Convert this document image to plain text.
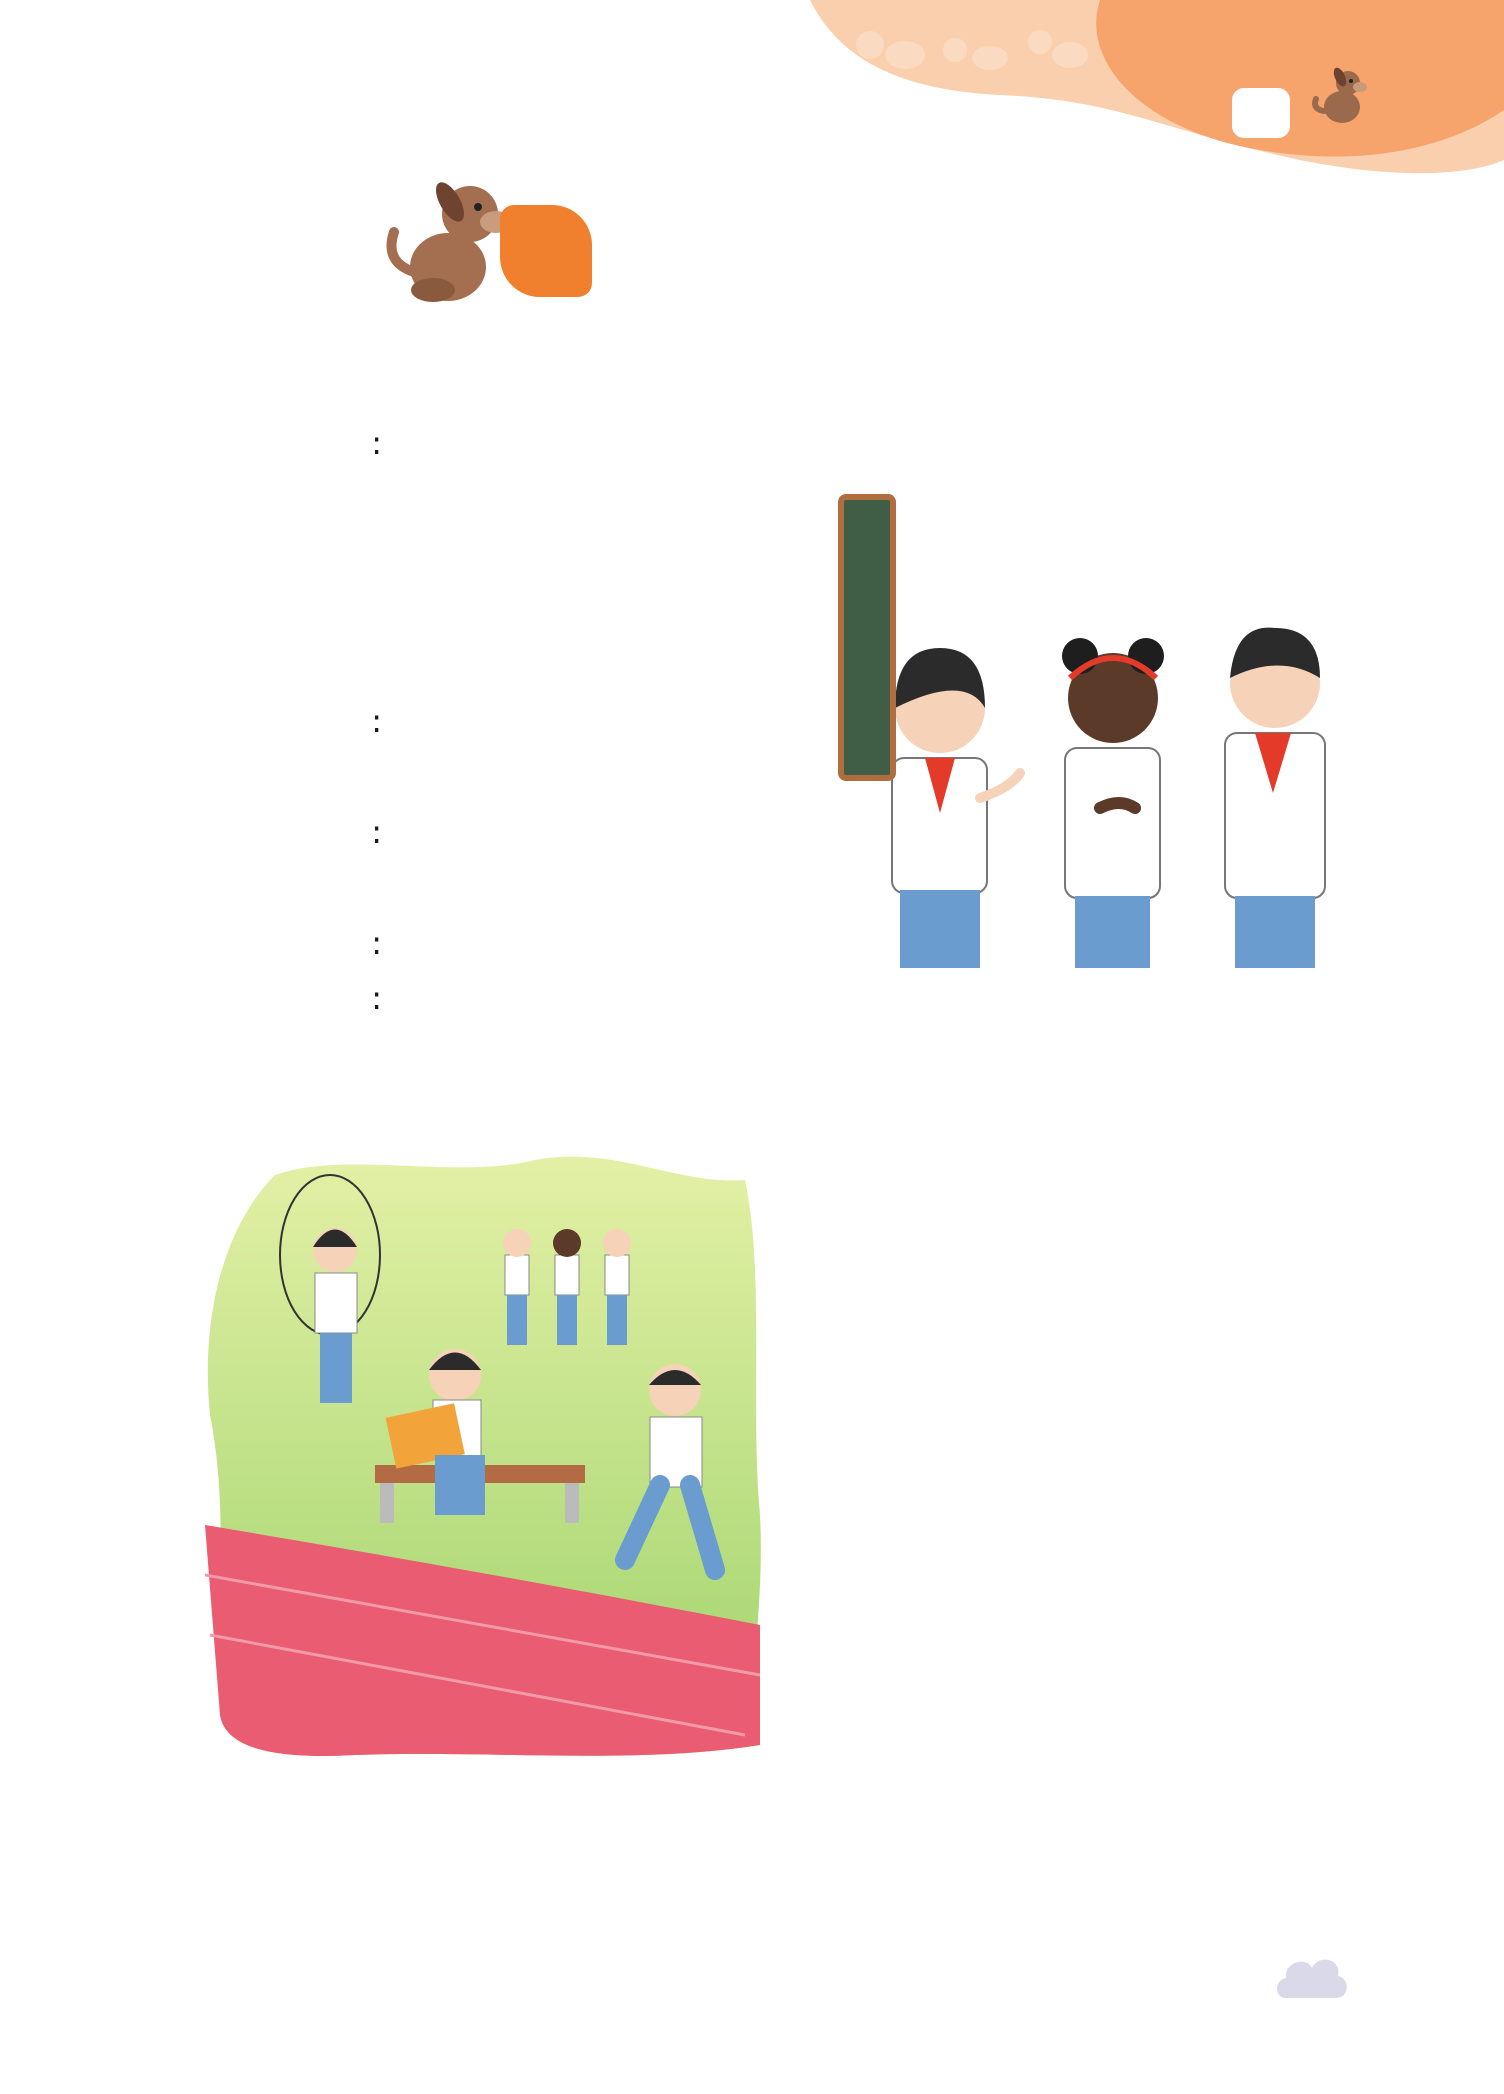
:
:
:
:
:
